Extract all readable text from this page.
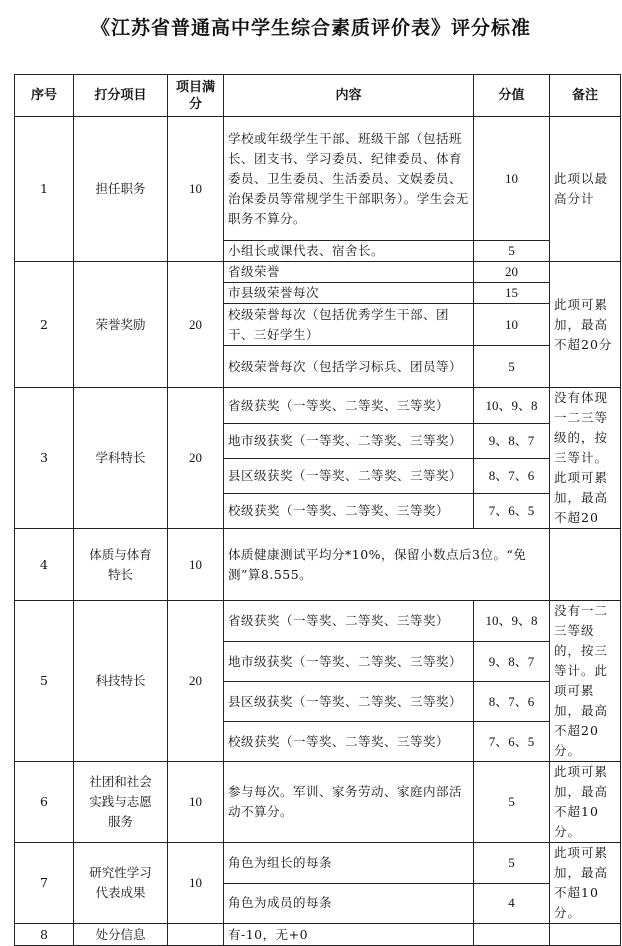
《江苏省普通高中学生综合素质评价表》评分标准
序号	打分项目	项目满分	内容	分值	备注
1	担任职务	10	学校或年级学生干部、班级干部（包括班长、团支书、学习委员、纪律委员、体育委员、卫生委员、生活委员、文娱委员、治保委员等常规学生干部职务）。学生会无职务不算分。	10	此项以最高分计
			小组长或课代表、宿舍长。	5	
2	荣誉奖励	20	省级荣誉	20	此项可累加，最高不超20分
			市县级荣誉每次	15	
			校级荣誉每次（包括优秀学生干部、团干、三好学生）	10	
			校级荣誉每次（包括学习标兵、团员等）	5	
3	学科特长	20	省级获奖（一等奖、二等奖、三等奖）	10、9、8	没有体现一二三等级的，按三等计。此项可累加，最高不超20
			地市级获奖（一等奖、二等奖、三等奖）	9、8、7	
			县区级获奖（一等奖、二等奖、三等奖）	8、7、6	
			校级获奖（一等奖、二等奖、三等奖）	7、6、5	
4	体质与体育特长	10	体质健康测试平均分*10%，保留小数点后3位。“免测”算8.555。		
5	科技特长	20	省级获奖（一等奖、二等奖、三等奖）	10、9、8	没有一二三等级的，按三等计。此项可累加，最高不超20分。
			地市级获奖（一等奖、二等奖、三等奖）	9、8、7	
			县区级获奖（一等奖、二等奖、三等奖）	8、7、6	
			校级获奖（一等奖、二等奖、三等奖）	7、6、5	
6	社团和社会实践与志愿服务	10	参与每次。军训、家务劳动、家庭内部活动不算分。	5	此项可累加，最高不超10分。
7	研究性学习代表成果	10	角色为组长的每条	5	此项可累加，最高不超10分。
			角色为成员的每条	4	
8	处分信息		有-10，无+0		
